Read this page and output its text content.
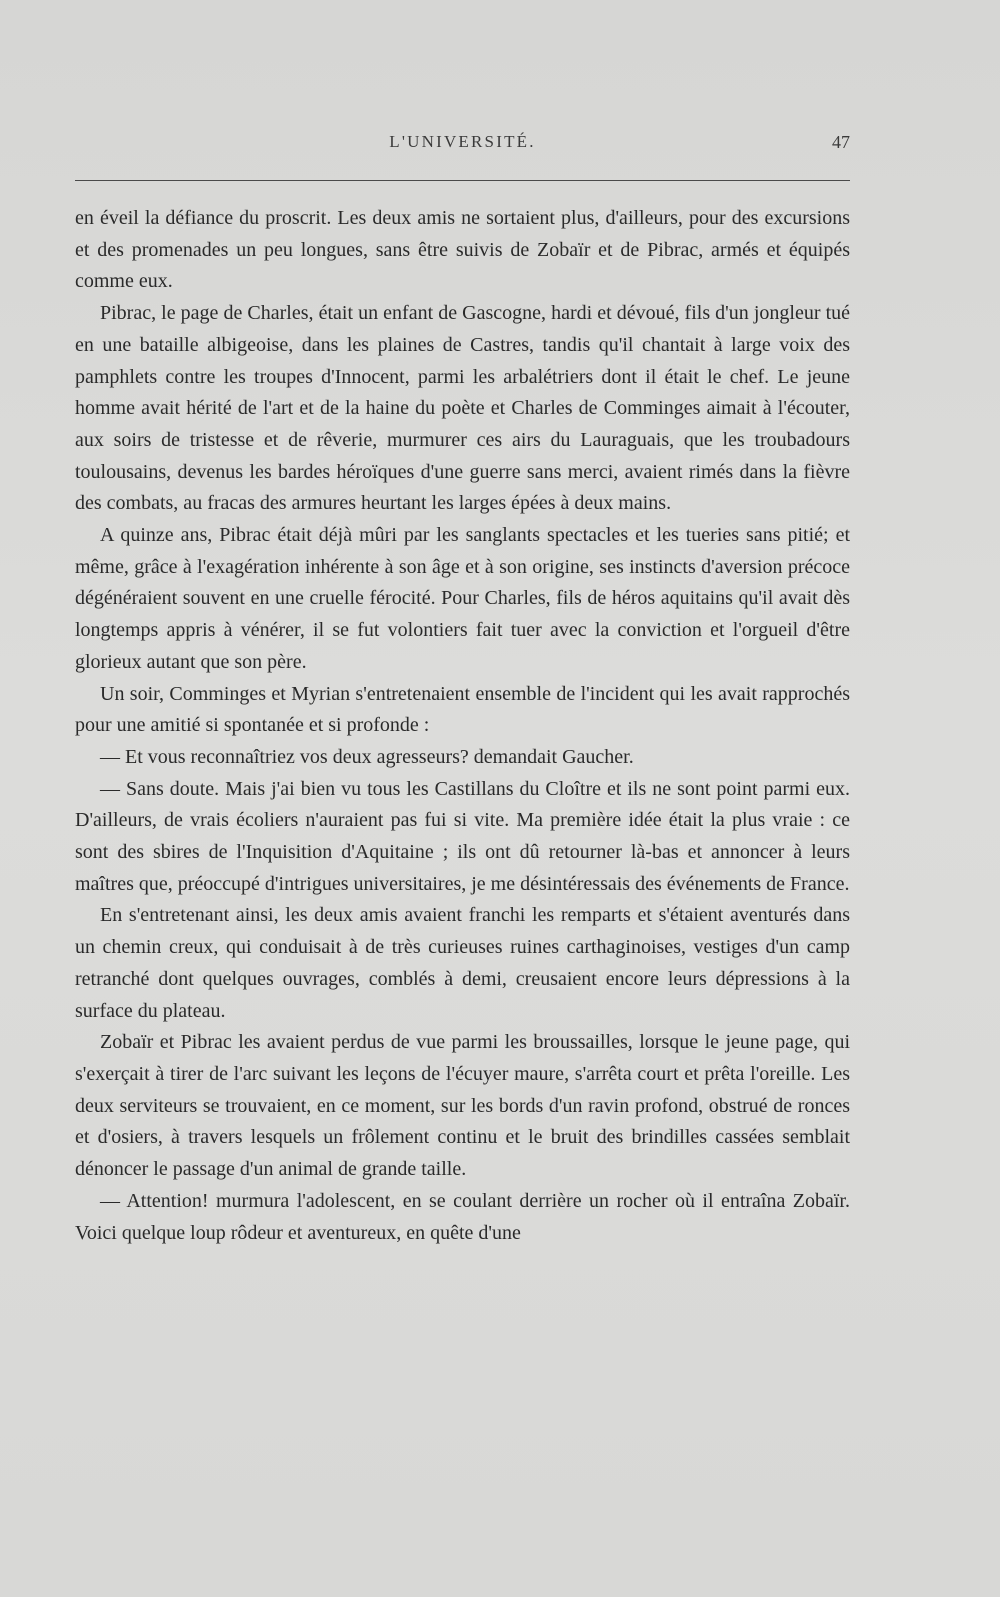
L'UNIVERSITÉ.	47

en éveil la défiance du proscrit. Les deux amis ne sortaient plus, d'ailleurs, pour des excursions et des promenades un peu longues, sans être suivis de Zobaïr et de Pibrac, armés et équipés comme eux.

Pibrac, le page de Charles, était un enfant de Gascogne, hardi et dévoué, fils d'un jongleur tué en une bataille albigeoise, dans les plaines de Castres, tandis qu'il chantait à large voix des pamphlets contre les troupes d'Innocent, parmi les arbalétriers dont il était le chef. Le jeune homme avait hérité de l'art et de la haine du poète et Charles de Comminges aimait à l'écouter, aux soirs de tristesse et de rêverie, murmurer ces airs du Lauraguais, que les troubadours toulousains, devenus les bardes héroïques d'une guerre sans merci, avaient rimés dans la fièvre des combats, au fracas des armures heurtant les larges épées à deux mains.

A quinze ans, Pibrac était déjà mûri par les sanglants spectacles et les tueries sans pitié; et même, grâce à l'exagération inhérente à son âge et à son origine, ses instincts d'aversion précoce dégénéraient souvent en une cruelle férocité. Pour Charles, fils de héros aquitains qu'il avait dès longtemps appris à vénérer, il se fut volontiers fait tuer avec la conviction et l'orgueil d'être glorieux autant que son père.

Un soir, Comminges et Myrian s'entretenaient ensemble de l'incident qui les avait rapprochés pour une amitié si spontanée et si profonde :

— Et vous reconnaîtriez vos deux agresseurs? demandait Gaucher.

— Sans doute. Mais j'ai bien vu tous les Castillans du Cloître et ils ne sont point parmi eux. D'ailleurs, de vrais écoliers n'auraient pas fui si vite. Ma première idée était la plus vraie : ce sont des sbires de l'Inquisition d'Aquitaine ; ils ont dû retourner là-bas et annoncer à leurs maîtres que, préoccupé d'intrigues universitaires, je me désintéressais des événements de France.

En s'entretenant ainsi, les deux amis avaient franchi les remparts et s'étaient aventurés dans un chemin creux, qui conduisait à de très curieuses ruines carthaginoises, vestiges d'un camp retranché dont quelques ouvrages, comblés à demi, creusaient encore leurs dépressions à la surface du plateau.

Zobaïr et Pibrac les avaient perdus de vue parmi les broussailles, lorsque le jeune page, qui s'exerçait à tirer de l'arc suivant les leçons de l'écuyer maure, s'arrêta court et prêta l'oreille. Les deux serviteurs se trouvaient, en ce moment, sur les bords d'un ravin profond, obstrué de ronces et d'osiers, à travers lesquels un frôlement continu et le bruit des brindilles cassées semblait dénoncer le passage d'un animal de grande taille.

— Attention! murmura l'adolescent, en se coulant derrière un rocher où il entraîna Zobaïr. Voici quelque loup rôdeur et aventureux, en quête d'une
